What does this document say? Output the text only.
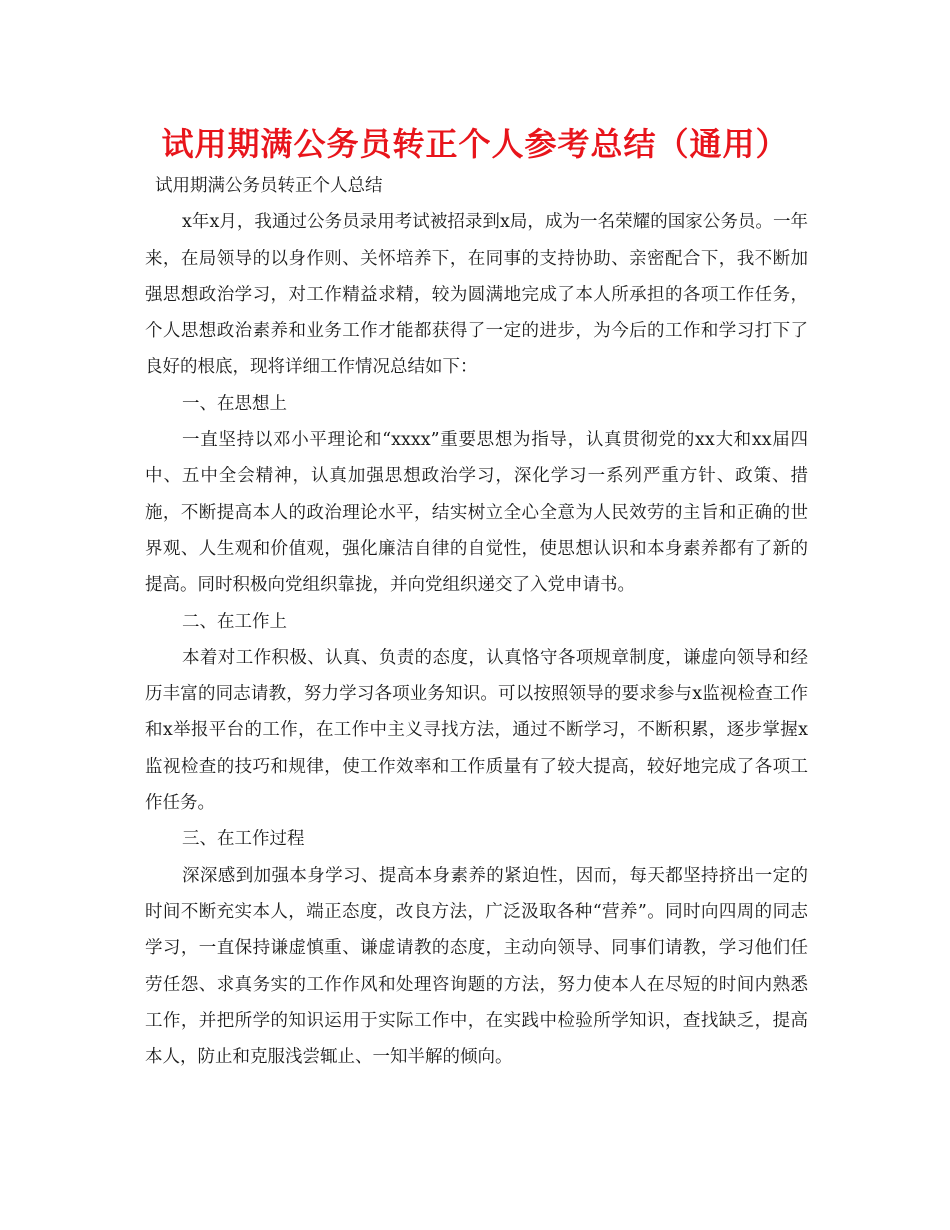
试用期满公务员转正个人参考总结（通用）

试用期满公务员转正个人总结

x年x月，我通过公务员录用考试被招录到x局，成为一名荣耀的国家公务员。一年来，在局领导的以身作则、关怀培养下，在同事的支持协助、亲密配合下，我不断加强思想政治学习，对工作精益求精，较为圆满地完成了本人所承担的各项工作任务，个人思想政治素养和业务工作才能都获得了一定的进步，为今后的工作和学习打下了良好的根底，现将详细工作情况总结如下：

一、在思想上

一直坚持以邓小平理论和“xxxx”重要思想为指导，认真贯彻党的xx大和xx届四中、五中全会精神，认真加强思想政治学习，深化学习一系列严重方针、政策、措施，不断提高本人的政治理论水平，结实树立全心全意为人民效劳的主旨和正确的世界观、人生观和价值观，强化廉洁自律的自觉性，使思想认识和本身素养都有了新的提高。同时积极向党组织靠拢，并向党组织递交了入党申请书。

二、在工作上

本着对工作积极、认真、负责的态度，认真恪守各项规章制度，谦虚向领导和经历丰富的同志请教，努力学习各项业务知识。可以按照领导的要求参与x监视检查工作和x举报平台的工作，在工作中主义寻找方法，通过不断学习，不断积累，逐步掌握x监视检查的技巧和规律，使工作效率和工作质量有了较大提高，较好地完成了各项工作任务。

三、在工作过程

深深感到加强本身学习、提高本身素养的紧迫性，因而，每天都坚持挤出一定的时间不断充实本人，端正态度，改良方法，广泛汲取各种“营养”。同时向四周的同志学习，一直保持谦虚慎重、谦虚请教的态度，主动向领导、同事们请教，学习他们任劳任怨、求真务实的工作作风和处理咨询题的方法，努力使本人在尽短的时间内熟悉工作，并把所学的知识运用于实际工作中，在实践中检验所学知识，查找缺乏，提高本人，防止和克服浅尝辄止、一知半解的倾向。
